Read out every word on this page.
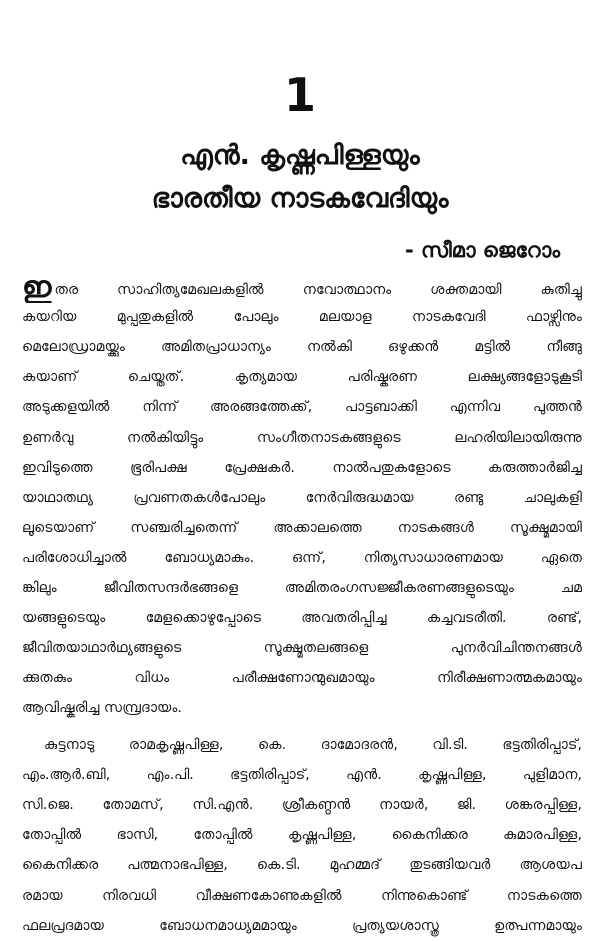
1
എൻ. കൃഷ്ണപിള്ളയും
ഭാരതീയ നാടകവേദിയും
- സീമാ ജെറോം
ഇതര സാഹിത്യമേഖലകളിൽ നവോത്ഥാനം ശക്തമായി കുതിച്ചു
കയറിയ മുപ്പതുകളിൽ പോലും മലയാള നാടകവേദി ഫാഴ്സിനും
മെലോഡ്രാമയ്ക്കും അമിതപ്രാധാന്യം നൽകി ഒഴുക്കൻ മട്ടിൽ നീങ്ങു
കയാണ് ചെയ്തത്. കൃത്യമായ പരിഷ്കരണ ലക്ഷ്യങ്ങളോടുകൂടി
അടുക്കളയിൽ നിന്ന് അരങ്ങത്തേക്ക്, പാട്ടബാക്കി എന്നിവ പുത്തൻ
ഉണർവു നൽകിയിട്ടും സംഗീതനാടകങ്ങളുടെ ലഹരിയിലായിരുന്നു
ഇവിടുത്തെ ഭൂരിപക്ഷ പ്രേക്ഷകർ. നാൽപതുകളോടെ കരുത്താർജിച്ച
യാഥാതഥ്യ പ്രവണതകൾപോലും നേർവിരുദ്ധമായ രണ്ടു ചാലുകളി
ലൂടെയാണ് സഞ്ചരിച്ചതെന്ന് അക്കാലത്തെ നാടകങ്ങൾ സൂക്ഷ്മമായി
പരിശോധിച്ചാൽ ബോധ്യമാകും. ഒന്ന്, നിത്യസാധാരണമായ ഏതെ
ങ്കിലും ജീവിതസന്ദർഭങ്ങളെ അമിതരംഗസജ്ജീകരണങ്ങളുടെയും ചമ
യങ്ങളുടെയും മേളക്കൊഴുപ്പോടെ അവതരിപ്പിച്ച കച്ചവടരീതി. രണ്ട്,
ജീവിതയാഥാർഥ്യങ്ങളുടെ സൂക്ഷ്മതലങ്ങളെ പുനർവിചിന്തനങ്ങൾ
ക്കുതകും വിധം പരീക്ഷണോന്മുഖമായും നിരീക്ഷണാത്മകമായും
ആവിഷ്കരിച്ച സമ്പ്രദായം.
കുട്ടനാടു രാമകൃഷ്ണപിള്ള, കെ. ദാമോദരൻ, വി.ടി. ഭട്ടതിരിപ്പാട്,
എം.ആർ.ബി, എം.പി. ഭട്ടതിരിപ്പാട്, എൻ. കൃഷ്ണപിള്ള, പുളിമാന,
സി.ജെ. തോമസ്, സി.എൻ. ശ്രീകണ്ഠൻ നായർ, ജി. ശങ്കരപ്പിള്ള,
തോപ്പിൽ ഭാസി, തോപ്പിൽ കൃഷ്ണപിള്ള, കൈനിക്കര കുമാരപിള്ള,
കൈനിക്കര പത്മനാഭപിള്ള, കെ.ടി. മുഹമ്മദ് തുടങ്ങിയവർ ആശയപ
രമായ നിരവധി വീക്ഷണകോണുകളിൽ നിന്നുകൊണ്ട് നാടകത്തെ
ഫലപ്രദമായ ബോധനമാധ്യമമായും പ്രത്യയശാസ്ത്ര ഉത്പന്നമായും
